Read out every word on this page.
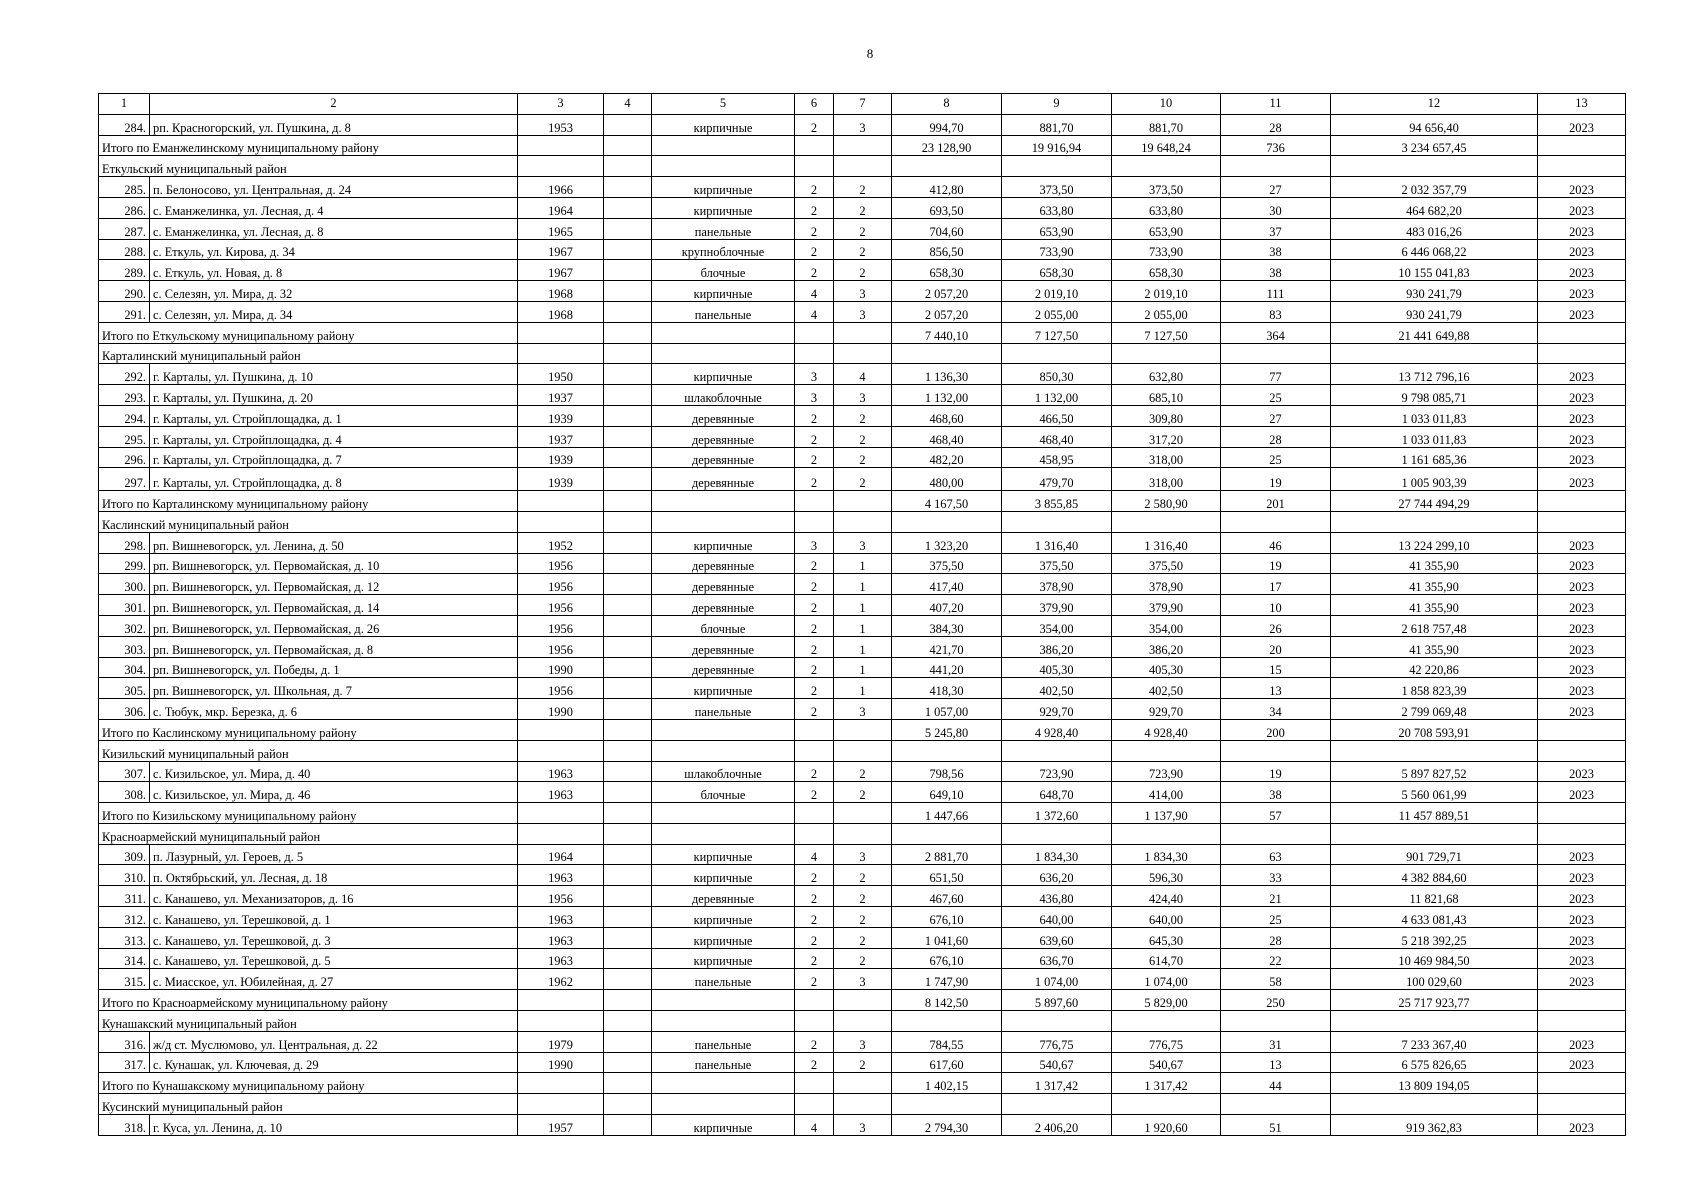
8
1	2	3	4	5	6	7	8	9	10	11	12	13
284.	рп. Красногорский, ул. Пушкина, д. 8	1953		кирпичные	2	3	994,70	881,70	881,70	28	94 656,40	2023
Итого по Еманжелинскому муниципальному району							23 128,90	19 916,94	19 648,24	736	3 234 657,45	
Еткульский муниципальный район												
285.	п. Белоносово, ул. Центральная, д. 24	1966		кирпичные	2	2	412,80	373,50	373,50	27	2 032 357,79	2023
286.	с. Еманжелинка, ул. Лесная, д. 4	1964		кирпичные	2	2	693,50	633,80	633,80	30	464 682,20	2023
287.	с. Еманжелинка, ул. Лесная, д. 8	1965		панельные	2	2	704,60	653,90	653,90	37	483 016,26	2023
288.	с. Еткуль, ул. Кирова, д. 34	1967		крупноблочные	2	2	856,50	733,90	733,90	38	6 446 068,22	2023
289.	с. Еткуль, ул. Новая, д. 8	1967		блочные	2	2	658,30	658,30	658,30	38	10 155 041,83	2023
290.	с. Селезян, ул. Мира, д. 32	1968		кирпичные	4	3	2 057,20	2 019,10	2 019,10	111	930 241,79	2023
291.	с. Селезян, ул. Мира, д. 34	1968		панельные	4	3	2 057,20	2 055,00	2 055,00	83	930 241,79	2023
Итого по Еткульскому муниципальному району							7 440,10	7 127,50	7 127,50	364	21 441 649,88	
Карталинский муниципальный район												
292.	г. Карталы, ул. Пушкина, д. 10	1950		кирпичные	3	4	1 136,30	850,30	632,80	77	13 712 796,16	2023
293.	г. Карталы, ул. Пушкина, д. 20	1937		шлакоблочные	3	3	1 132,00	1 132,00	685,10	25	9 798 085,71	2023
294.	г. Карталы, ул. Стройплощадка, д. 1	1939		деревянные	2	2	468,60	466,50	309,80	27	1 033 011,83	2023
295.	г. Карталы, ул. Стройплощадка, д. 4	1937		деревянные	2	2	468,40	468,40	317,20	28	1 033 011,83	2023
296.	г. Карталы, ул. Стройплощадка, д. 7	1939		деревянные	2	2	482,20	458,95	318,00	25	1 161 685,36	2023
297.	г. Карталы, ул. Стройплощадка, д. 8	1939		деревянные	2	2	480,00	479,70	318,00	19	1 005 903,39	2023
Итого по Карталинскому муниципальному району							4 167,50	3 855,85	2 580,90	201	27 744 494,29	
Каслинский муниципальный район												
298.	рп. Вишневогорск, ул. Ленина, д. 50	1952		кирпичные	3	3	1 323,20	1 316,40	1 316,40	46	13 224 299,10	2023
299.	рп. Вишневогорск, ул. Первомайская, д. 10	1956		деревянные	2	1	375,50	375,50	375,50	19	41 355,90	2023
300.	рп. Вишневогорск, ул. Первомайская, д. 12	1956		деревянные	2	1	417,40	378,90	378,90	17	41 355,90	2023
301.	рп. Вишневогорск, ул. Первомайская, д. 14	1956		деревянные	2	1	407,20	379,90	379,90	10	41 355,90	2023
302.	рп. Вишневогорск, ул. Первомайская, д. 26	1956		блочные	2	1	384,30	354,00	354,00	26	2 618 757,48	2023
303.	рп. Вишневогорск, ул. Первомайская, д. 8	1956		деревянные	2	1	421,70	386,20	386,20	20	41 355,90	2023
304.	рп. Вишневогорск, ул. Победы, д. 1	1990		деревянные	2	1	441,20	405,30	405,30	15	42 220,86	2023
305.	рп. Вишневогорск, ул. Школьная, д. 7	1956		кирпичные	2	1	418,30	402,50	402,50	13	1 858 823,39	2023
306.	с. Тюбук, мкр. Березка, д. 6	1990		панельные	2	3	1 057,00	929,70	929,70	34	2 799 069,48	2023
Итого по Каслинскому муниципальному району							5 245,80	4 928,40	4 928,40	200	20 708 593,91	
Кизильский муниципальный район												
307.	с. Кизильское, ул. Мира, д. 40	1963		шлакоблочные	2	2	798,56	723,90	723,90	19	5 897 827,52	2023
308.	с. Кизильское, ул. Мира, д. 46	1963		блочные	2	2	649,10	648,70	414,00	38	5 560 061,99	2023
Итого по Кизильскому муниципальному району							1 447,66	1 372,60	1 137,90	57	11 457 889,51	
Красноармейский муниципальный район												
309.	п. Лазурный, ул. Героев, д. 5	1964		кирпичные	4	3	2 881,70	1 834,30	1 834,30	63	901 729,71	2023
310.	п. Октябрьский, ул. Лесная, д. 18	1963		кирпичные	2	2	651,50	636,20	596,30	33	4 382 884,60	2023
311.	с. Канашево, ул. Механизаторов, д. 16	1956		деревянные	2	2	467,60	436,80	424,40	21	11 821,68	2023
312.	с. Канашево, ул. Терешковой, д. 1	1963		кирпичные	2	2	676,10	640,00	640,00	25	4 633 081,43	2023
313.	с. Канашево, ул. Терешковой, д. 3	1963		кирпичные	2	2	1 041,60	639,60	645,30	28	5 218 392,25	2023
314.	с. Канашево, ул. Терешковой, д. 5	1963		кирпичные	2	2	676,10	636,70	614,70	22	10 469 984,50	2023
315.	с. Миасское, ул. Юбилейная, д. 27	1962		панельные	2	3	1 747,90	1 074,00	1 074,00	58	100 029,60	2023
Итого по Красноармейскому муниципальному району							8 142,50	5 897,60	5 829,00	250	25 717 923,77	
Кунашакский муниципальный район												
316.	ж/д ст. Муслюмово, ул. Центральная, д. 22	1979		панельные	2	3	784,55	776,75	776,75	31	7 233 367,40	2023
317.	с. Кунашак, ул. Ключевая, д. 29	1990		панельные	2	2	617,60	540,67	540,67	13	6 575 826,65	2023
Итого по Кунашакскому муниципальному району							1 402,15	1 317,42	1 317,42	44	13 809 194,05	
Кусинский муниципальный район												
318.	г. Куса, ул. Ленина, д. 10	1957		кирпичные	4	3	2 794,30	2 406,20	1 920,60	51	919 362,83	2023
